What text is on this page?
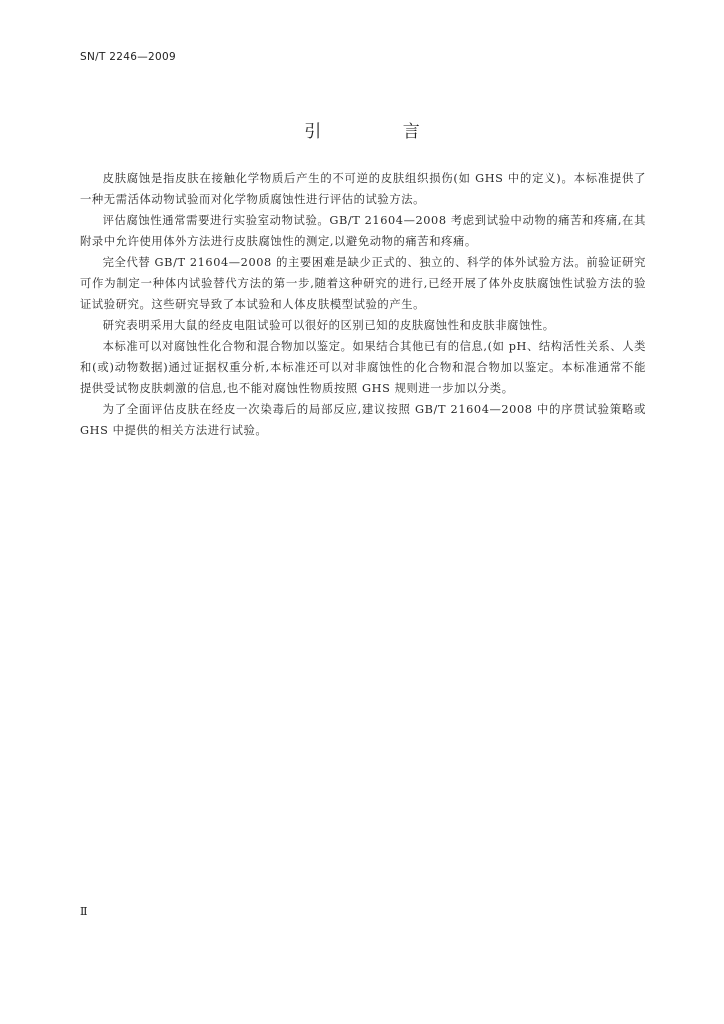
SN/T 2246—2009
引 言

皮肤腐蚀是指皮肤在接触化学物质后产生的不可逆的皮肤组织损伤(如 GHS 中的定义)。本标准提供了一种无需活体动物试验而对化学物质腐蚀性进行评估的试验方法。

评估腐蚀性通常需要进行实验室动物试验。GB/T 21604—2008 考虑到试验中动物的痛苦和疼痛,在其附录中允许使用体外方法进行皮肤腐蚀性的测定,以避免动物的痛苦和疼痛。

完全代替 GB/T 21604—2008 的主要困难是缺少正式的、独立的、科学的体外试验方法。前验证研究可作为制定一种体内试验替代方法的第一步,随着这种研究的进行,已经开展了体外皮肤腐蚀性试验方法的验证试验研究。这些研究导致了本试验和人体皮肤模型试验的产生。

研究表明采用大鼠的经皮电阻试验可以很好的区别已知的皮肤腐蚀性和皮肤非腐蚀性。

本标准可以对腐蚀性化合物和混合物加以鉴定。如果结合其他已有的信息,(如 pH、结构活性关系、人类和(或)动物数据)通过证据权重分析,本标准还可以对非腐蚀性的化合物和混合物加以鉴定。本标准通常不能提供受试物皮肤刺激的信息,也不能对腐蚀性物质按照 GHS 规则进一步加以分类。

为了全面评估皮肤在经皮一次染毒后的局部反应,建议按照 GB/T 21604—2008 中的序贯试验策略或 GHS 中提供的相关方法进行试验。

Ⅱ
